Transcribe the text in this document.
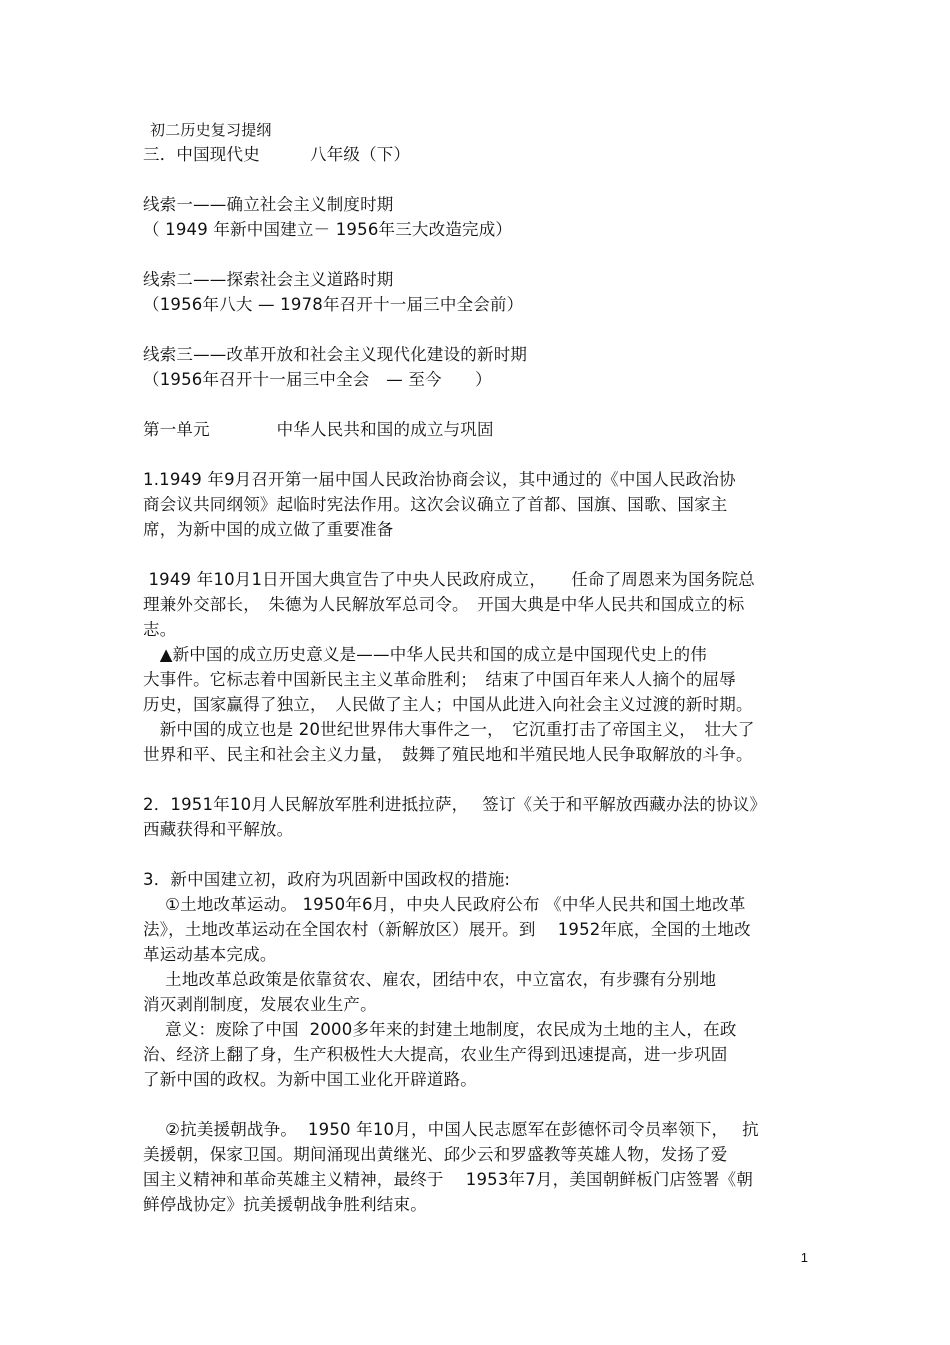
初二历史复习提纲
三．中国现代史　　　八年级（下）
线索一——确立社会主义制度时期
（ 1949 年新中国建立－ 1956年三大改造完成）
线索二——探索社会主义道路时期
（1956年八大 — 1978年召开十一届三中全会前）
线索三——改革开放和社会主义现代化建设的新时期
（1956年召开十一届三中全会　— 至今　　）
第一单元　　　　中华人民共和国的成立与巩固
1.1949 年9月召开第一届中国人民政治协商会议，其中通过的《中国人民政治协
商会议共同纲领》起临时宪法作用。这次会议确立了首都、国旗、国歌、国家主
席，为新中国的成立做了重要准备
1949 年10月1日开国大典宣告了中央人民政府成立，　　任命了周恩来为国务院总
理兼外交部长，　朱德为人民解放军总司令。　开国大典是中华人民共和国成立的标
志。
　▲新中国的成立历史意义是——中华人民共和国的成立是中国现代史上的伟
大事件。它标志着中国新民主主义革命胜利；　结束了中国百年来人人摘个的屈辱
历史，国家赢得了独立，　人民做了主人；中国从此进入向社会主义过渡的新时期。
　新中国的成立也是 20世纪世界伟大事件之一，　它沉重打击了帝国主义，　壮大了
世界和平、民主和社会主义力量，　鼓舞了殖民地和半殖民地人民争取解放的斗争。
2．1951年10月人民解放军胜利进抵拉萨，　 签订《关于和平解放西藏办法的协议》
西藏获得和平解放。
3．新中国建立初，政府为巩固新中国政权的措施:
　 ①土地改革运动。 1950年6月，中央人民政府公布 《中华人民共和国土地改革
法》，土地改革运动在全国农村（新解放区）展开。到　 1952年底，全国的土地改
革运动基本完成。
　 土地改革总政策是依靠贫农、雇农，团结中农，中立富农，有步骤有分别地
消灭剥削制度，发展农业生产。
　 意义：废除了中国  2000多年来的封建土地制度，农民成为土地的主人，在政
治、经济上翻了身，生产积极性大大提高，农业生产得到迅速提高，进一步巩固
了新中国的政权。为新中国工业化开辟道路。
　 ②抗美援朝战争。  1950 年10月，中国人民志愿军在彭德怀司令员率领下，　 抗
美援朝，保家卫国。期间涌现出黄继光、邱少云和罗盛教等英雄人物，发扬了爱
国主义精神和革命英雄主义精神，最终于　 1953年7月，美国朝鲜板门店签署《朝
鲜停战协定》抗美援朝战争胜利结束。
1
